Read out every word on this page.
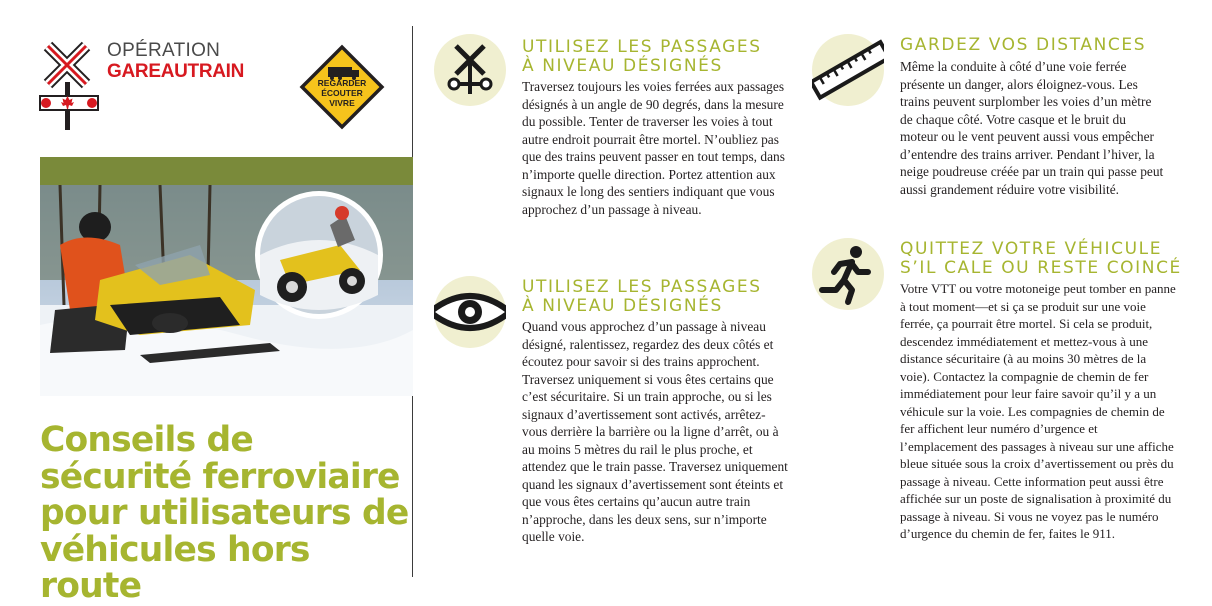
OPÉRATION
GAREAUTRAIN
REGARDER
ÉCOUTER
VIVRE
Conseils de sécurité ferroviaire pour utilisateurs de véhicules hors route
UTILISEZ LES PASSAGES
À NIVEAU DÉSIGNÉS

Traversez toujours les voies ferrées aux passages désignés à un angle de 90 degrés, dans la mesure du possible. Tenter de traverser les voies à tout autre endroit pourrait être mortel. N’oubliez pas que des trains peuvent passer en tout temps, dans n’importe quelle direction. Portez attention aux signaux le long des sentiers indiquant que vous approchez d’un passage à niveau.

UTILISEZ LES PASSAGES
À NIVEAU DÉSIGNÉS

Quand vous approchez d’un passage à niveau désigné, ralentissez, regardez des deux côtés et écoutez pour savoir si des trains approchent. Traversez uniquement si vous êtes certains que c’est sécuritaire. Si un train approche, ou si les signaux d’avertissement sont activés, arrêtez-vous derrière la barrière ou la ligne d’arrêt, ou à au moins 5 mètres du rail le plus proche, et attendez que le train passe. Traversez uniquement quand les signaux d’avertissement sont éteints et que vous êtes certains qu’aucun autre train n’approche, dans les deux sens, sur n’importe quelle voie.

GARDEZ VOS DISTANCES

Même la conduite à côté d’une voie ferrée présente un danger, alors éloignez-vous. Les trains peuvent surplomber les voies d’un mètre de chaque côté. Votre casque et le bruit du moteur ou le vent peuvent aussi vous empêcher d’entendre des trains arriver. Pendant l’hiver, la neige poudreuse créée par un train qui passe peut aussi grandement réduire votre visibilité.

QUITTEZ VOTRE VÉHICULE
S’IL CALE OU RESTE COINCÉ

Votre VTT ou votre motoneige peut tomber en panne à tout moment—et si ça se produit sur une voie ferrée, ça pourrait être mortel. Si cela se produit, descendez immédiatement et mettez-vous à une distance sécuritaire (à au moins 30 mètres de la voie). Contactez la compagnie de chemin de fer immédiatement pour leur faire savoir qu’il y a un véhicule sur la voie. Les compagnies de chemin de fer affichent leur numéro d’urgence et l’emplacement des passages à niveau sur une affiche bleue située sous la croix d’avertissement ou près du passage à niveau. Cette information peut aussi être affichée sur un poste de signalisation à proximité du passage à niveau. Si vous ne voyez pas le numéro d’urgence du chemin de fer, faites le 911.
